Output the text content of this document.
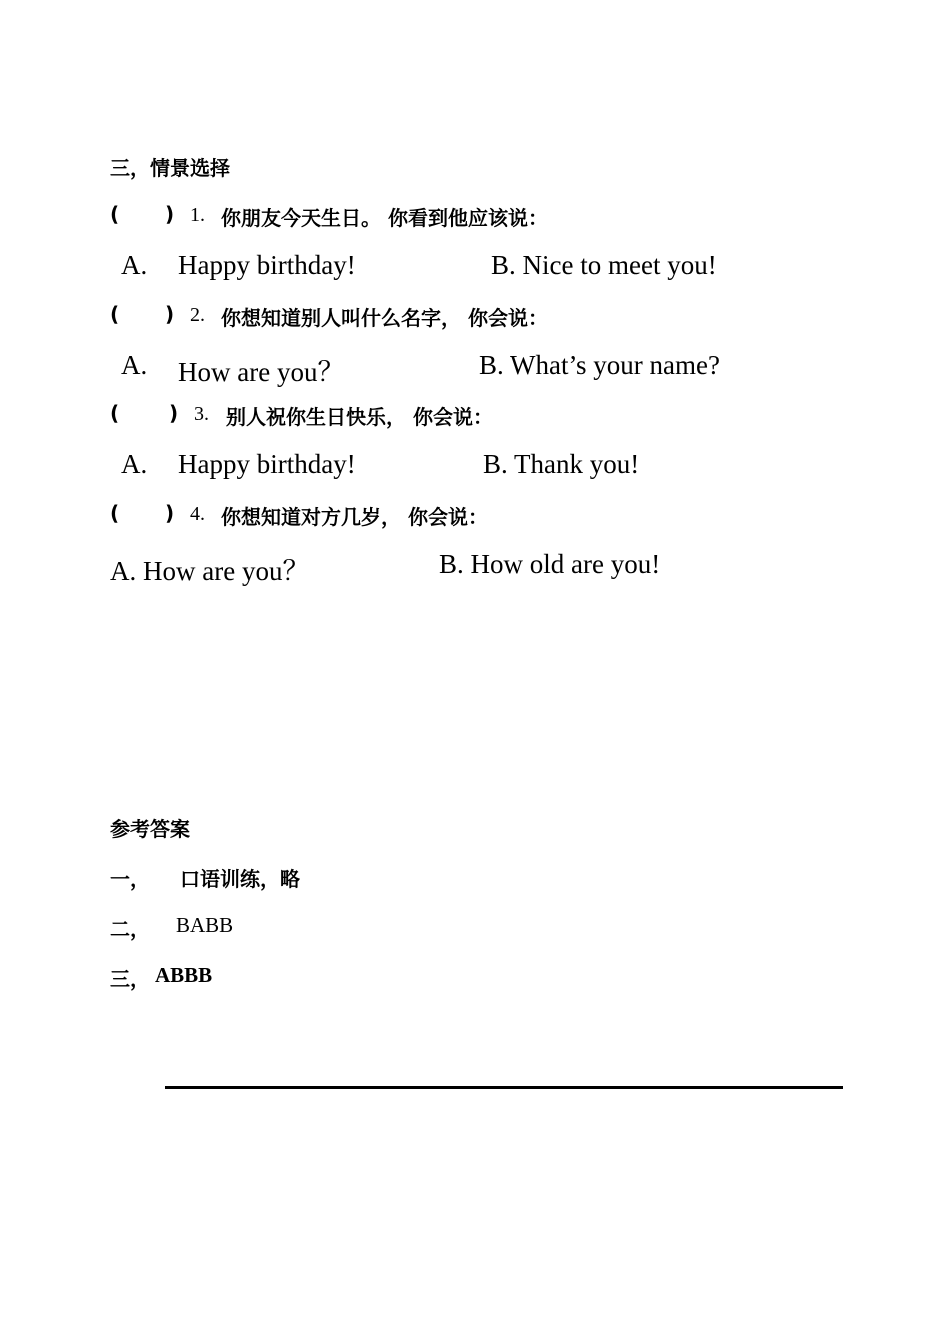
三，情景选择
( ) 1. 你朋友今天生日。 你看到他应该说：
A. Happy birthday!	B. Nice to meet you!
( ) 2. 你想知道别人叫什么名字， 你会说：
A. How are you？	B. What’s your name?
( ) 3. 别人祝你生日快乐， 你会说：
A. Happy birthday!	B. Thank you!
( ) 4. 你想知道对方几岁， 你会说：
A. How are you？	B. How old are you!
参考答案
一， 口语训练，略
二， BABB
三， ABBB
